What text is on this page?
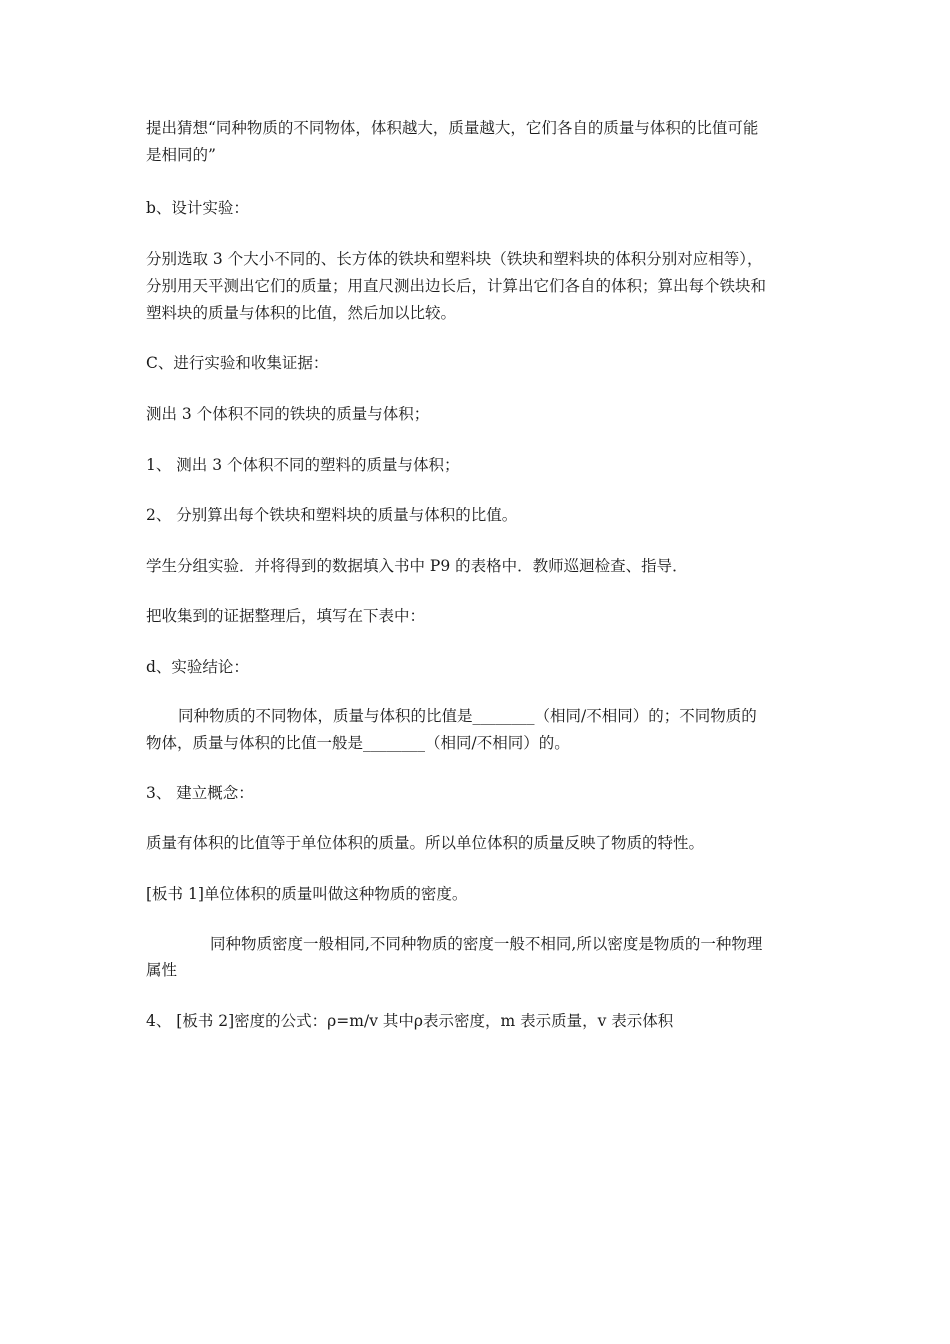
提出猜想“同种物质的不同物体，体积越大，质量越大，它们各自的质量与体积的比值可能
是相同的”
b、设计实验：
分别选取 3 个大小不同的、长方体的铁块和塑料块（铁块和塑料块的体积分别对应相等），
分别用天平测出它们的质量；用直尺测出边长后，计算出它们各自的体积；算出每个铁块和
塑料块的质量与体积的比值，然后加以比较。
C、进行实验和收集证据：
测出 3 个体积不同的铁块的质量与体积；
1、 测出 3 个体积不同的塑料的质量与体积；
2、 分别算出每个铁块和塑料块的质量与体积的比值。
学生分组实验．并将得到的数据填入书中 P9 的表格中．教师巡迴检查、指导．
把收集到的证据整理后，填写在下表中：
d、实验结论：
同种物质的不同物体，质量与体积的比值是________（相同/不相同）的；不同物质的
物体，质量与体积的比值一般是________（相同/不相同）的。
3、 建立概念：
质量有体积的比值等于单位体积的质量。所以单位体积的质量反映了物质的特性。
[板书 1]单位体积的质量叫做这种物质的密度。
同种物质密度一般相同,不同种物质的密度一般不相同,所以密度是物质的一种物理
属性
4、 [板书 2]密度的公式：ρ=m/v 其中ρ表示密度，m 表示质量，v 表示体积
